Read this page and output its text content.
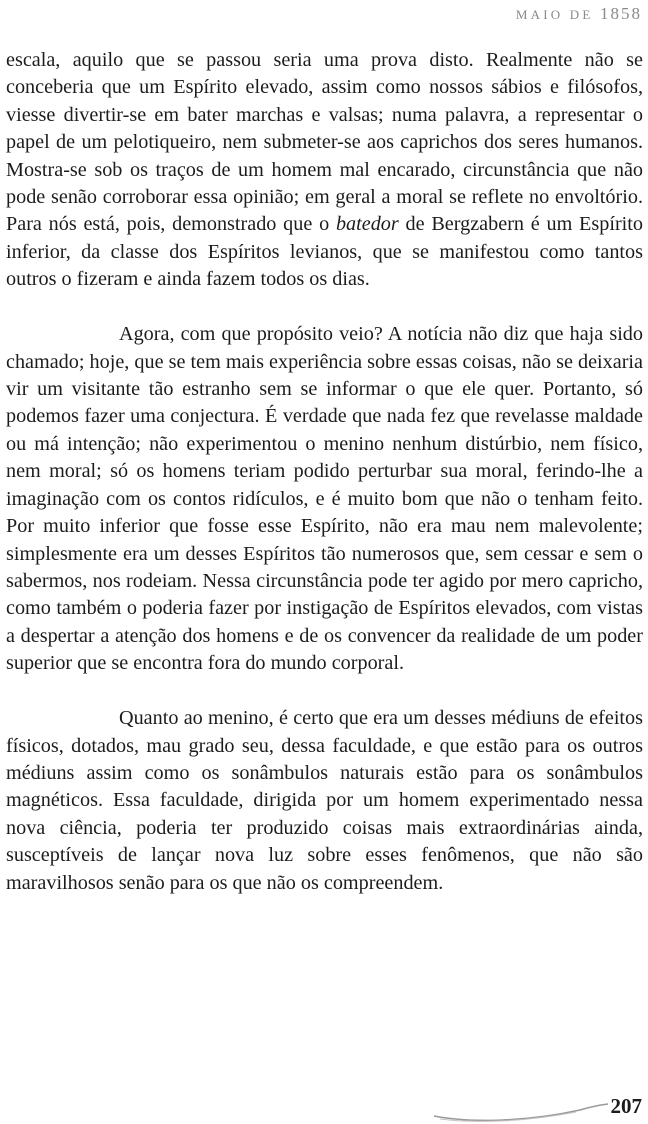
MAIO DE 1858

escala, aquilo que se passou seria uma prova disto. Realmente não se conceberia que um Espírito elevado, assim como nossos sábios e filósofos, viesse divertir-se em bater marchas e valsas; numa palavra, a representar o papel de um pelotiqueiro, nem submeter-se aos caprichos dos seres humanos. Mostra-se sob os traços de um homem mal encarado, circunstância que não pode senão corroborar essa opinião; em geral a moral se reflete no envoltório. Para nós está, pois, demonstrado que o batedor de Bergzabern é um Espírito inferior, da classe dos Espíritos levianos, que se manifestou como tantos outros o fizeram e ainda fazem todos os dias.

Agora, com que propósito veio? A notícia não diz que haja sido chamado; hoje, que se tem mais experiência sobre essas coisas, não se deixaria vir um visitante tão estranho sem se informar o que ele quer. Portanto, só podemos fazer uma conjectura. É verdade que nada fez que revelasse maldade ou má intenção; não experimentou o menino nenhum distúrbio, nem físico, nem moral; só os homens teriam podido perturbar sua moral, ferindo-lhe a imaginação com os contos ridículos, e é muito bom que não o tenham feito. Por muito inferior que fosse esse Espírito, não era mau nem malevolente; simplesmente era um desses Espíritos tão numerosos que, sem cessar e sem o sabermos, nos rodeiam. Nessa circunstância pode ter agido por mero capricho, como também o poderia fazer por instigação de Espíritos elevados, com vistas a despertar a atenção dos homens e de os convencer da realidade de um poder superior que se encontra fora do mundo corporal.

Quanto ao menino, é certo que era um desses médiuns de efeitos físicos, dotados, mau grado seu, dessa faculdade, e que estão para os outros médiuns assim como os sonâmbulos naturais estão para os sonâmbulos magnéticos. Essa faculdade, dirigida por um homem experimentado nessa nova ciência, poderia ter produzido coisas mais extraordinárias ainda, susceptíveis de lançar nova luz sobre esses fenômenos, que não são maravilhosos senão para os que não os compreendem.

207
